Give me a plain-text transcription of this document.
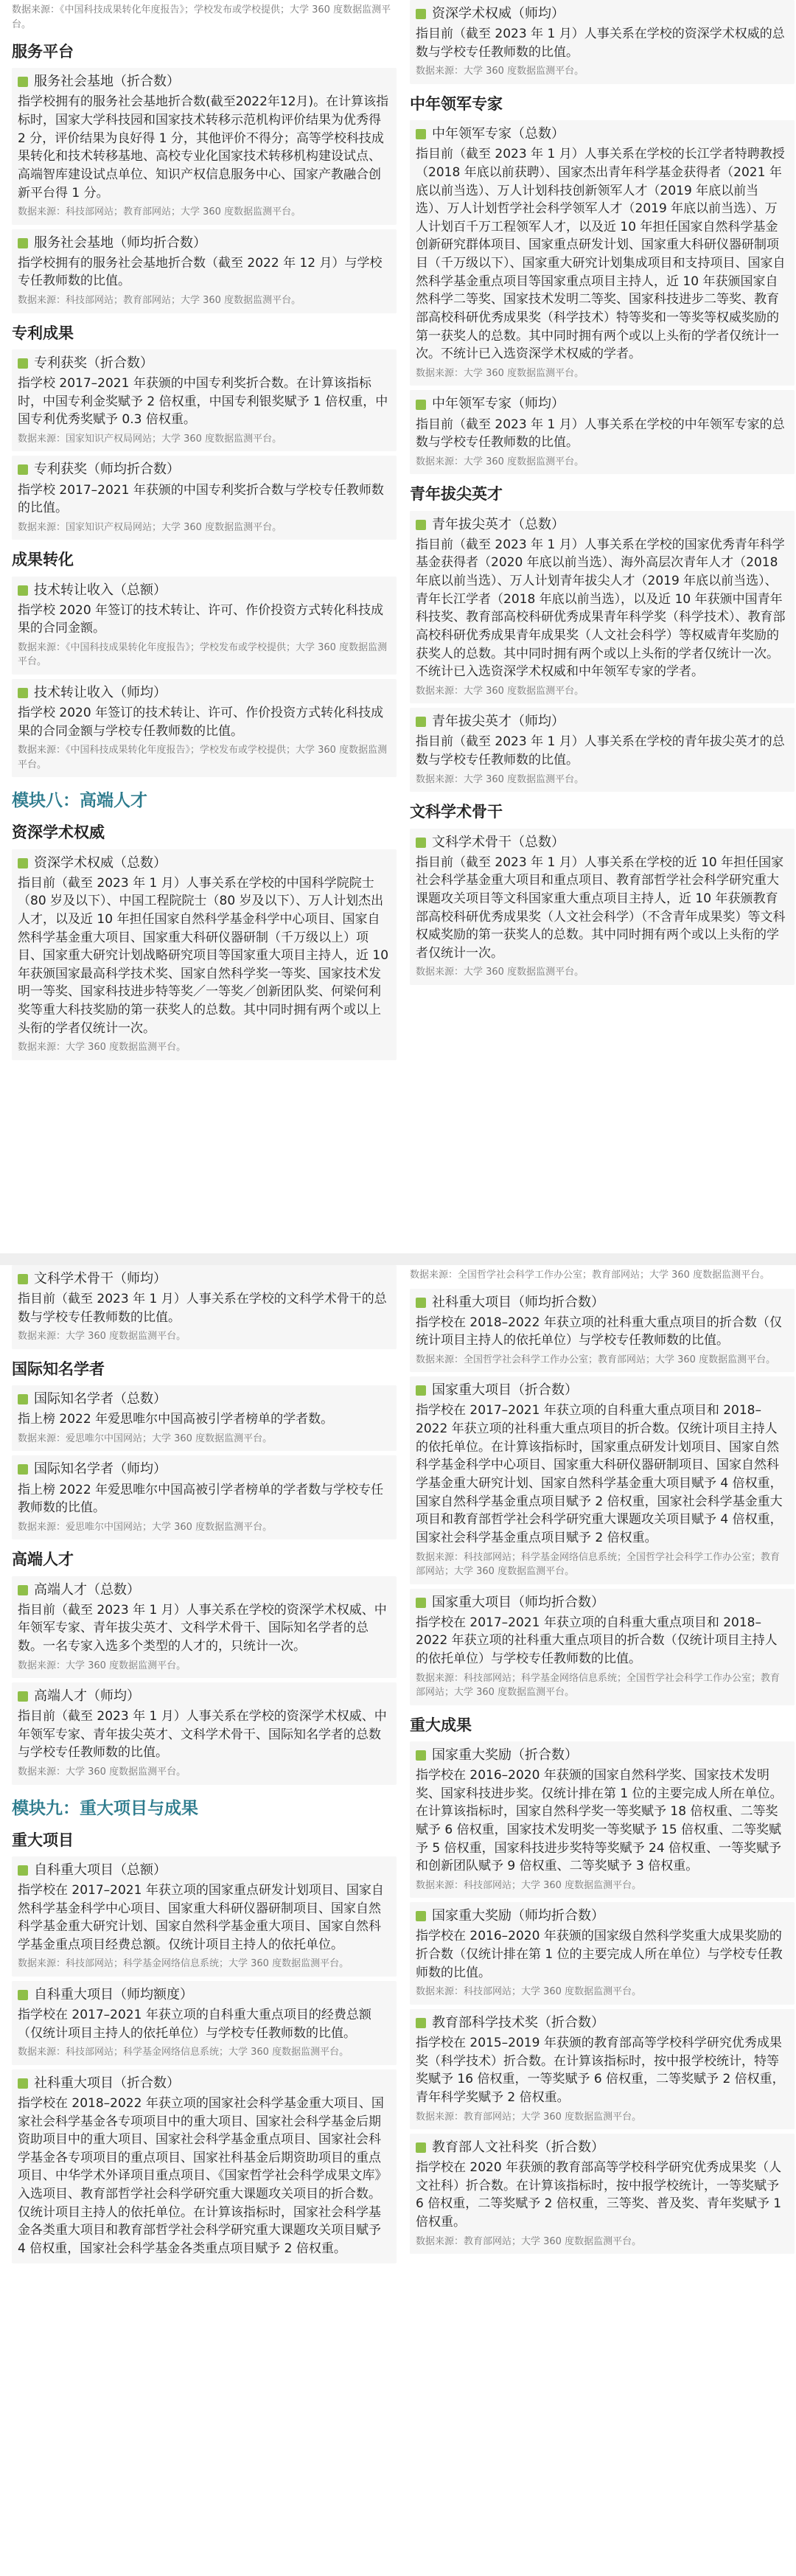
数据来源：《中国科技成果转化年度报告》；学校发布或学校提供；大学 360 度数据监测平台。
服务平台
服务社会基地（折合数）
指学校拥有的服务社会基地折合数(截至2022年12月)。在计算该指标时，国家大学科技园和国家技术转移示范机构评价结果为优秀得 2 分，评价结果为良好得 1 分，其他评价不得分；高等学校科技成果转化和技术转移基地、高校专业化国家技术转移机构建设试点、高端智库建设试点单位、知识产权信息服务中心、国家产教融合创新平台得 1 分。
数据来源：科技部网站；教育部网站；大学 360 度数据监测平台。
服务社会基地（师均折合数）
指学校拥有的服务社会基地折合数（截至 2022 年 12 月）与学校专任教师数的比值。
数据来源：科技部网站；教育部网站；大学 360 度数据监测平台。
专利成果
专利获奖（折合数）
指学校 2017–2021 年获颁的中国专利奖折合数。在计算该指标时，中国专利金奖赋予 2 倍权重，中国专利银奖赋予 1 倍权重，中国专利优秀奖赋予 0.3 倍权重。
数据来源：国家知识产权局网站；大学 360 度数据监测平台。
专利获奖（师均折合数）
指学校 2017–2021 年获颁的中国专利奖折合数与学校专任教师数的比值。
数据来源：国家知识产权局网站；大学 360 度数据监测平台。
成果转化
技术转让收入（总额）
指学校 2020 年签订的技术转让、许可、作价投资方式转化科技成果的合同金额。
数据来源：《中国科技成果转化年度报告》；学校发布或学校提供；大学 360 度数据监测平台。
技术转让收入（师均）
指学校 2020 年签订的技术转让、许可、作价投资方式转化科技成果的合同金额与学校专任教师数的比值。
数据来源：《中国科技成果转化年度报告》；学校发布或学校提供；大学 360 度数据监测平台。
模块八：高端人才
资深学术权威
资深学术权威（总数）
指目前（截至 2023 年 1 月）人事关系在学校的中国科学院院士（80 岁及以下）、中国工程院院士（80 岁及以下）、万人计划杰出人才，以及近 10 年担任国家自然科学基金科学中心项目、国家自然科学基金重大项目、国家重大科研仪器研制（千万级以上）项目、国家重大研究计划战略研究项目等国家重大项目主持人，近 10 年获颁国家最高科学技术奖、国家自然科学奖一等奖、国家技术发明一等奖、国家科技进步特等奖／一等奖／创新团队奖、何梁何利奖等重大科技奖励的第一获奖人的总数。其中同时拥有两个或以上头衔的学者仅统计一次。
数据来源：大学 360 度数据监测平台。
资深学术权威（师均）
指目前（截至 2023 年 1 月）人事关系在学校的资深学术权威的总数与学校专任教师数的比值。
数据来源：大学 360 度数据监测平台。
中年领军专家
中年领军专家（总数）
指目前（截至 2023 年 1 月）人事关系在学校的长江学者特聘教授（2018 年底以前获聘）、国家杰出青年科学基金获得者（2021 年底以前当选）、万人计划科技创新领军人才（2019 年底以前当选）、万人计划哲学社会科学领军人才（2019 年底以前当选）、万人计划百千万工程领军人才，以及近 10 年担任国家自然科学基金创新研究群体项目、国家重点研发计划、国家重大科研仪器研制项目（千万级以下）、国家重大研究计划集成项目和支持项目、国家自然科学基金重点项目等国家重点项目主持人，近 10 年获颁国家自然科学二等奖、国家技术发明二等奖、国家科技进步二等奖、教育部高校科研优秀成果奖（科学技术）特等奖和一等奖等权威奖励的第一获奖人的总数。其中同时拥有两个或以上头衔的学者仅统计一次。不统计已入选资深学术权威的学者。
数据来源：大学 360 度数据监测平台。
中年领军专家（师均）
指目前（截至 2023 年 1 月）人事关系在学校的中年领军专家的总数与学校专任教师数的比值。
数据来源：大学 360 度数据监测平台。
青年拔尖英才
青年拔尖英才（总数）
指目前（截至 2023 年 1 月）人事关系在学校的国家优秀青年科学基金获得者（2020 年底以前当选）、海外高层次青年人才（2018 年底以前当选）、万人计划青年拔尖人才（2019 年底以前当选）、青年长江学者（2018 年底以前当选），以及近 10 年获颁中国青年科技奖、教育部高校科研优秀成果青年科学奖（科学技术）、教育部高校科研优秀成果青年成果奖（人文社会科学）等权威青年奖励的获奖人的总数。其中同时拥有两个或以上头衔的学者仅统计一次。不统计已入选资深学术权威和中年领军专家的学者。
数据来源：大学 360 度数据监测平台。
青年拔尖英才（师均）
指目前（截至 2023 年 1 月）人事关系在学校的青年拔尖英才的总数与学校专任教师数的比值。
数据来源：大学 360 度数据监测平台。
文科学术骨干
文科学术骨干（总数）
指目前（截至 2023 年 1 月）人事关系在学校的近 10 年担任国家社会科学基金重大项目和重点项目、教育部哲学社会科学研究重大课题攻关项目等文科国家重大重点项目主持人，近 10 年获颁教育部高校科研优秀成果奖（人文社会科学）（不含青年成果奖）等文科权威奖励的第一获奖人的总数。其中同时拥有两个或以上头衔的学者仅统计一次。
数据来源：大学 360 度数据监测平台。
文科学术骨干（师均）
指目前（截至 2023 年 1 月）人事关系在学校的文科学术骨干的总数与学校专任教师数的比值。
数据来源：大学 360 度数据监测平台。
国际知名学者
国际知名学者（总数）
指上榜 2022 年爱思唯尔中国高被引学者榜单的学者数。
数据来源：爱思唯尔中国网站；大学 360 度数据监测平台。
国际知名学者（师均）
指上榜 2022 年爱思唯尔中国高被引学者榜单的学者数与学校专任教师数的比值。
数据来源：爱思唯尔中国网站；大学 360 度数据监测平台。
高端人才
高端人才（总数）
指目前（截至 2023 年 1 月）人事关系在学校的资深学术权威、中年领军专家、青年拔尖英才、文科学术骨干、国际知名学者的总数。一名专家入选多个类型的人才的，只统计一次。
数据来源：大学 360 度数据监测平台。
高端人才（师均）
指目前（截至 2023 年 1 月）人事关系在学校的资深学术权威、中年领军专家、青年拔尖英才、文科学术骨干、国际知名学者的总数与学校专任教师数的比值。
数据来源：大学 360 度数据监测平台。
模块九：重大项目与成果
重大项目
自科重大项目（总额）
指学校在 2017–2021 年获立项的国家重点研发计划项目、国家自然科学基金科学中心项目、国家重大科研仪器研制项目、国家自然科学基金重大研究计划、国家自然科学基金重大项目、国家自然科学基金重点项目经费总额。仅统计项目主持人的依托单位。
数据来源：科技部网站；科学基金网络信息系统；大学 360 度数据监测平台。
自科重大项目（师均额度）
指学校在 2017–2021 年获立项的自科重大重点项目的经费总额（仅统计项目主持人的依托单位）与学校专任教师数的比值。
数据来源：科技部网站；科学基金网络信息系统；大学 360 度数据监测平台。
社科重大项目（折合数）
指学校在 2018–2022 年获立项的国家社会科学基金重大项目、国家社会科学基金各专项项目中的重大项目、国家社会科学基金后期资助项目中的重大项目、国家社会科学基金重点项目、国家社会科学基金各专项项目的重点项目、国家社科基金后期资助项目的重点项目、中华学术外译项目重点项目、《国家哲学社会科学成果文库》入选项目、教育部哲学社会科学研究重大课题攻关项目的折合数。仅统计项目主持人的依托单位。在计算该指标时，国家社会科学基金各类重大项目和教育部哲学社会科学研究重大课题攻关项目赋予 4 倍权重，国家社会科学基金各类重点项目赋予 2 倍权重。
数据来源：全国哲学社会科学工作办公室；教育部网站；大学 360 度数据监测平台。
社科重大项目（师均折合数）
指学校在 2018–2022 年获立项的社科重大重点项目的折合数（仅统计项目主持人的依托单位）与学校专任教师数的比值。
数据来源：全国哲学社会科学工作办公室；教育部网站；大学 360 度数据监测平台。
国家重大项目（折合数）
指学校在 2017–2021 年获立项的自科重大重点项目和 2018–2022 年获立项的社科重大重点项目的折合数。仅统计项目主持人的依托单位。在计算该指标时，国家重点研发计划项目、国家自然科学基金科学中心项目、国家重大科研仪器研制项目、国家自然科学基金重大研究计划、国家自然科学基金重大项目赋予 4 倍权重，国家自然科学基金重点项目赋予 2 倍权重，国家社会科学基金重大项目和教育部哲学社会科学研究重大课题攻关项目赋予 4 倍权重，国家社会科学基金重点项目赋予 2 倍权重。
数据来源：科技部网站；科学基金网络信息系统；全国哲学社会科学工作办公室；教育部网站；大学 360 度数据监测平台。
国家重大项目（师均折合数）
指学校在 2017–2021 年获立项的自科重大重点项目和 2018–2022 年获立项的社科重大重点项目的折合数（仅统计项目主持人的依托单位）与学校专任教师数的比值。
数据来源：科技部网站；科学基金网络信息系统；全国哲学社会科学工作办公室；教育部网站；大学 360 度数据监测平台。
重大成果
国家重大奖励（折合数）
指学校在 2016–2020 年获颁的国家自然科学奖、国家技术发明奖、国家科技进步奖。仅统计排在第 1 位的主要完成人所在单位。在计算该指标时，国家自然科学奖一等奖赋予 18 倍权重、二等奖赋予 6 倍权重，国家技术发明奖一等奖赋予 15 倍权重、二等奖赋予 5 倍权重，国家科技进步奖特等奖赋予 24 倍权重、一等奖赋予和创新团队赋予 9 倍权重、二等奖赋予 3 倍权重。
数据来源：科技部网站；大学 360 度数据监测平台。
国家重大奖励（师均折合数）
指学校在 2016–2020 年获颁的国家级自然科学奖重大成果奖励的折合数（仅统计排在第 1 位的主要完成人所在单位）与学校专任教师数的比值。
数据来源：科技部网站；大学 360 度数据监测平台。
教育部科学技术奖（折合数）
指学校在 2015–2019 年获颁的教育部高等学校科学研究优秀成果奖（科学技术）折合数。在计算该指标时，按中报学校统计，特等奖赋予 16 倍权重，一等奖赋予 6 倍权重，二等奖赋予 2 倍权重，青年科学奖赋予 2 倍权重。
数据来源：教育部网站；大学 360 度数据监测平台。
教育部人文社科奖（折合数）
指学校在 2020 年获颁的教育部高等学校科学研究优秀成果奖（人文社科）折合数。在计算该指标时，按中报学校统计，一等奖赋予 6 倍权重，二等奖赋予 2 倍权重，三等奖、普及奖、青年奖赋予 1 倍权重。
数据来源：教育部网站；大学 360 度数据监测平台。
